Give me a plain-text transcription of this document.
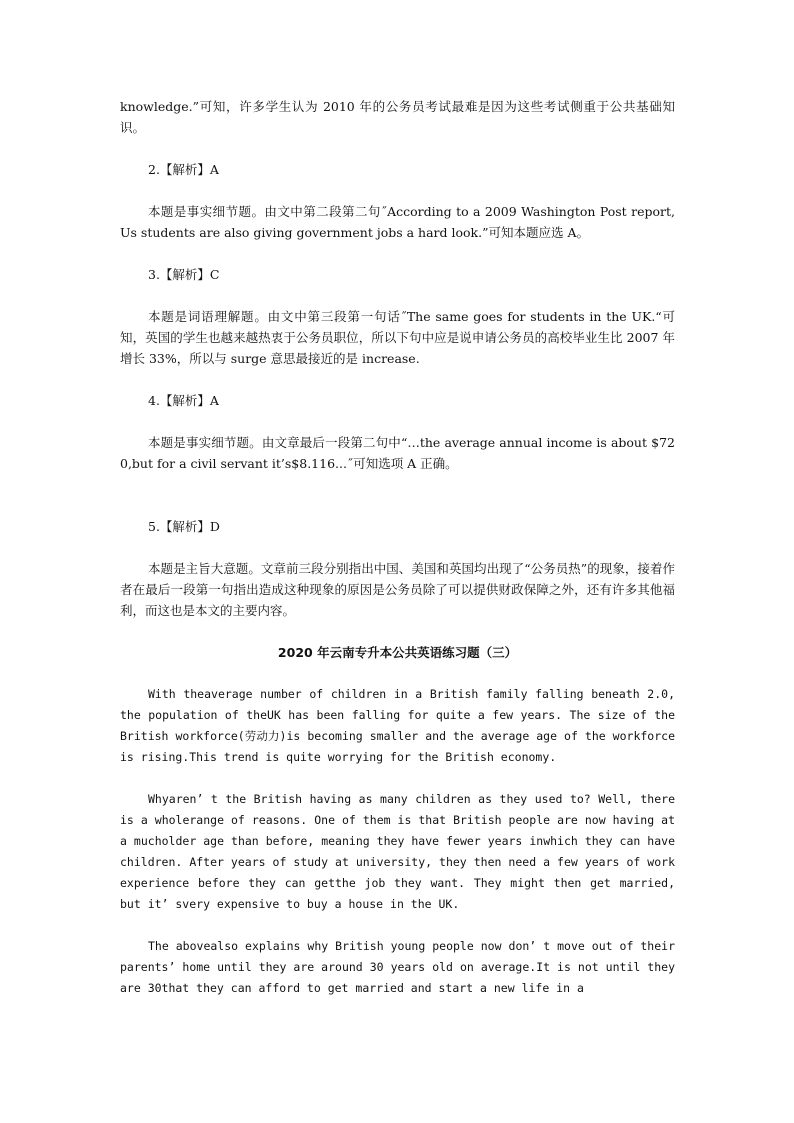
knowledge.”可知，许多学生认为 2010 年的公务员考试最难是因为这些考试侧重于公共基础知识。

2.【解析】A

本题是事实细节题。由文中第二段第二句˝According to a 2009 Washington Post report,Us students are also giving government jobs a hard look.”可知本题应选 A。

3.【解析】C

本题是词语理解题。由文中第三段第一句话˝The same goes for students in the UK.“可知，英国的学生也越来越热衷于公务员职位，所以下句中应是说申请公务员的高校毕业生比 2007 年增长 33%，所以与 surge 意思最接近的是 increase.

4.【解析】A

本题是事实细节题。由文章最后一段第二句中“…the average annual income is about $720,but for a civil servant it’s$8.116...˝可知选项 A 正确。

5.【解析】D

本题是主旨大意题。文章前三段分别指出中国、美国和英国均出现了“公务员热”的现象，接着作者在最后一段第一句指出造成这种现象的原因是公务员除了可以提供财政保障之外，还有许多其他福利，而这也是本文的主要内容。

2020 年云南专升本公共英语练习题（三）

With theaverage number of children in a British family falling beneath 2.0, the population of theUK has been falling for quite a few years. The size of the British workforce(劳动力)is becoming smaller and the average age of the workforce is rising.This trend is quite worrying for the British economy.

Whyaren’ t the British having as many children as they used to? Well, there is a wholerange of reasons. One of them is that British people are now having at a mucholder age than before, meaning they have fewer years inwhich they can have children. After years of study at university, they then need a few years of work experience before they can getthe job they want. They might then get married, but it’ svery expensive to buy a house in the UK.

The abovealso explains why British young people now don’ t move out of their parents’ home until they are around 30 years old on average.It is not until they are 30that they can afford to get married and start a new life in a
